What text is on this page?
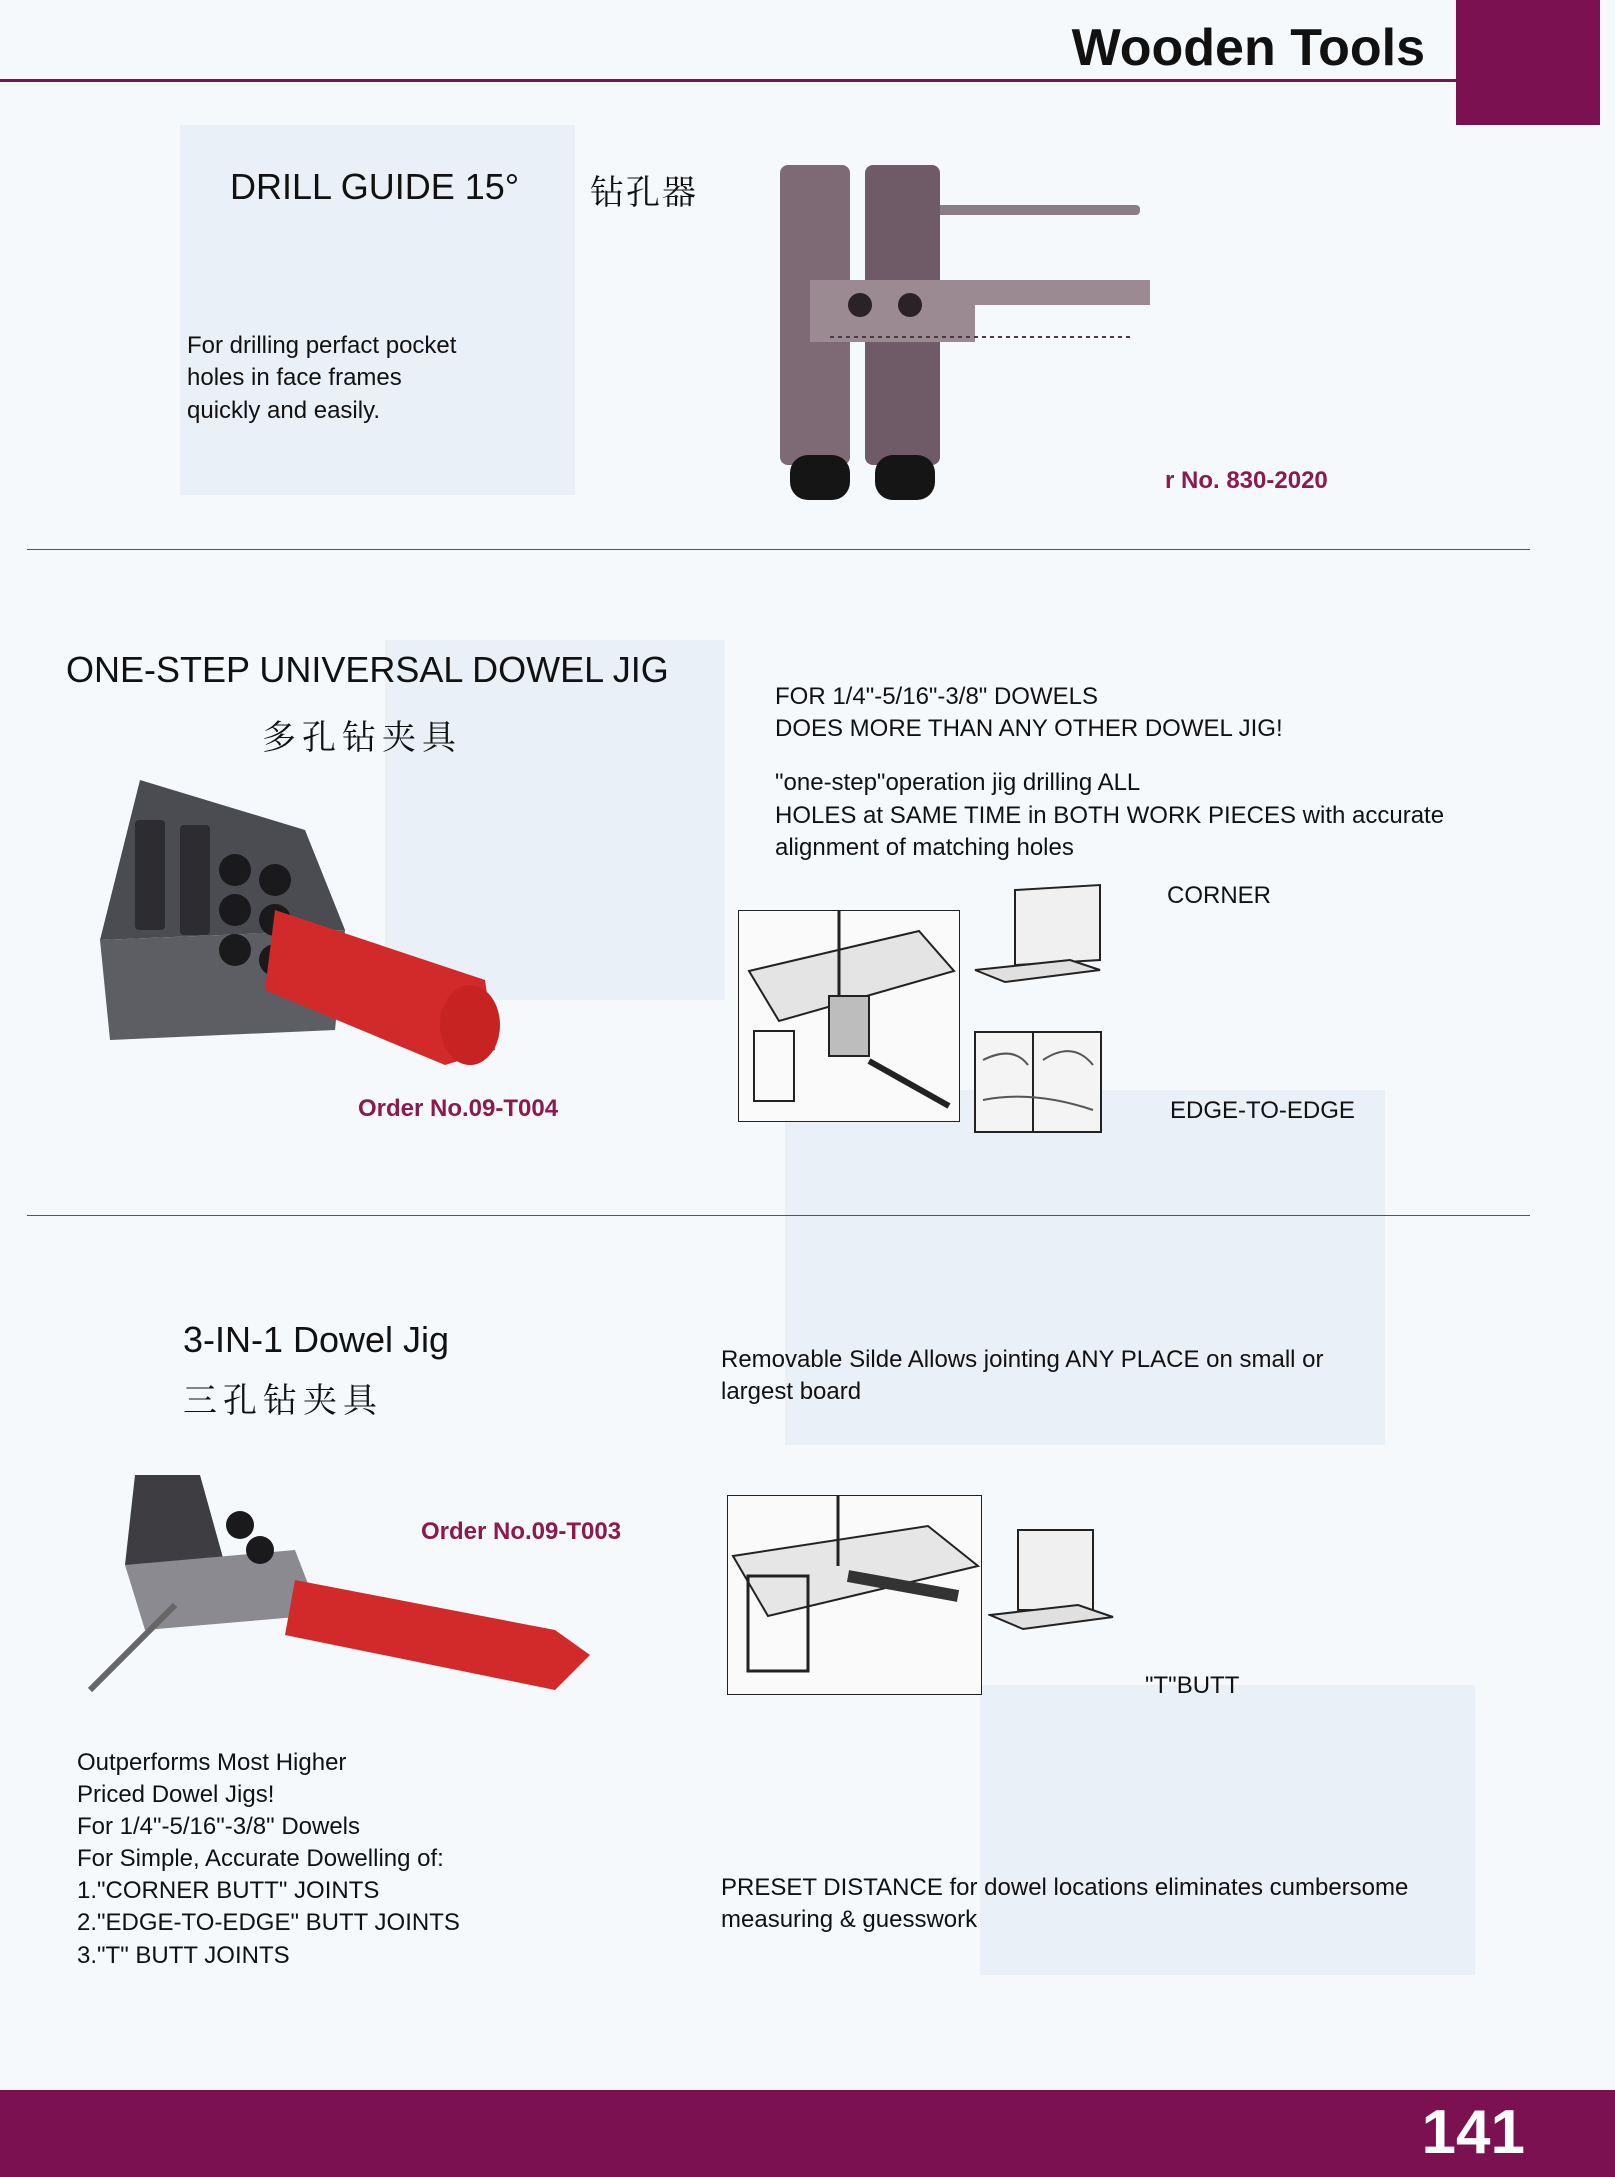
Wooden Tools
DRILL GUIDE 15° 钻孔器
For drilling perfact pocket
holes in face frames
quickly and easily.
r No. 830-2020
ONE-STEP UNIVERSAL DOWEL JIG
多孔钻夹具
Order No.09-T004
FOR 1/4"-5/16"-3/8" DOWELS
DOES MORE THAN ANY OTHER DOWEL JIG!
"one-step"operation jig drilling ALL
HOLES at SAME TIME in BOTH WORK PIECES with accurate
alignment of matching holes
CORNER
EDGE-TO-EDGE
3-IN-1 Dowel Jig
三孔钻夹具
Order No.09-T003
Removable Silde Allows jointing ANY PLACE on small or
largest board
"T"BUTT
PRESET DISTANCE for dowel locations eliminates cumbersome
measuring & guesswork
Outperforms Most Higher
Priced Dowel Jigs!
For 1/4"-5/16"-3/8" Dowels
For Simple, Accurate Dowelling of:
1."CORNER BUTT" JOINTS
2."EDGE-TO-EDGE" BUTT JOINTS
3."T" BUTT JOINTS
141
